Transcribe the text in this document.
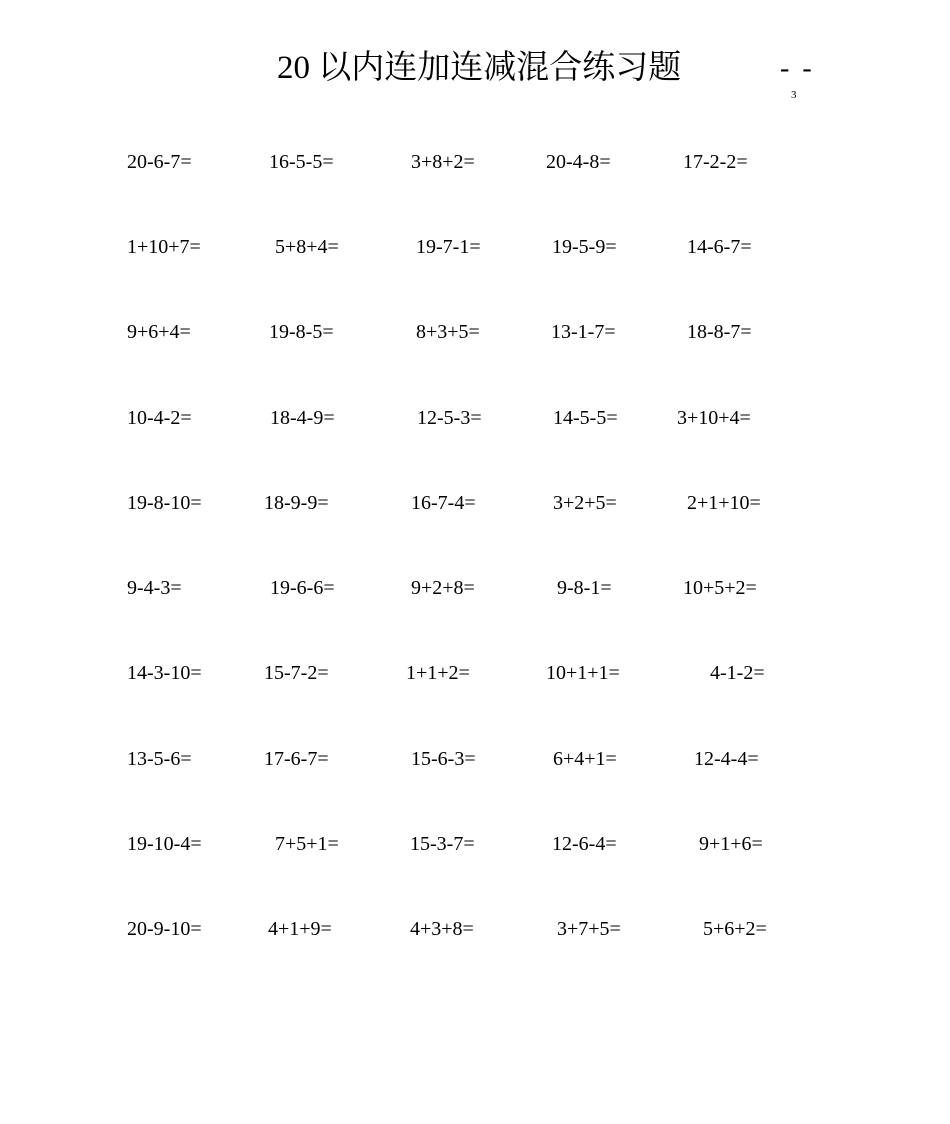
20 以内连加连减混合练习题	- -
3
20-6-7=	16-5-5=	3+8+2=	20-4-8=	17-2-2=
1+10+7=	5+8+4=	19-7-1=	19-5-9=	14-6-7=
9+6+4=	19-8-5=	8+3+5=	13-1-7=	18-8-7=
10-4-2=	18-4-9=	12-5-3=	14-5-5=	3+10+4=
19-8-10=	18-9-9=	16-7-4=	3+2+5=	2+1+10=
9-4-3=	19-6-6=	9+2+8=	9-8-1=	10+5+2=
14-3-10=	15-7-2=	1+1+2=	10+1+1=	4-1-2=
13-5-6=	17-6-7=	15-6-3=	6+4+1=	12-4-4=
19-10-4=	7+5+1=	15-3-7=	12-6-4=	9+1+6=
20-9-10=	4+1+9=	4+3+8=	3+7+5=	5+6+2=
